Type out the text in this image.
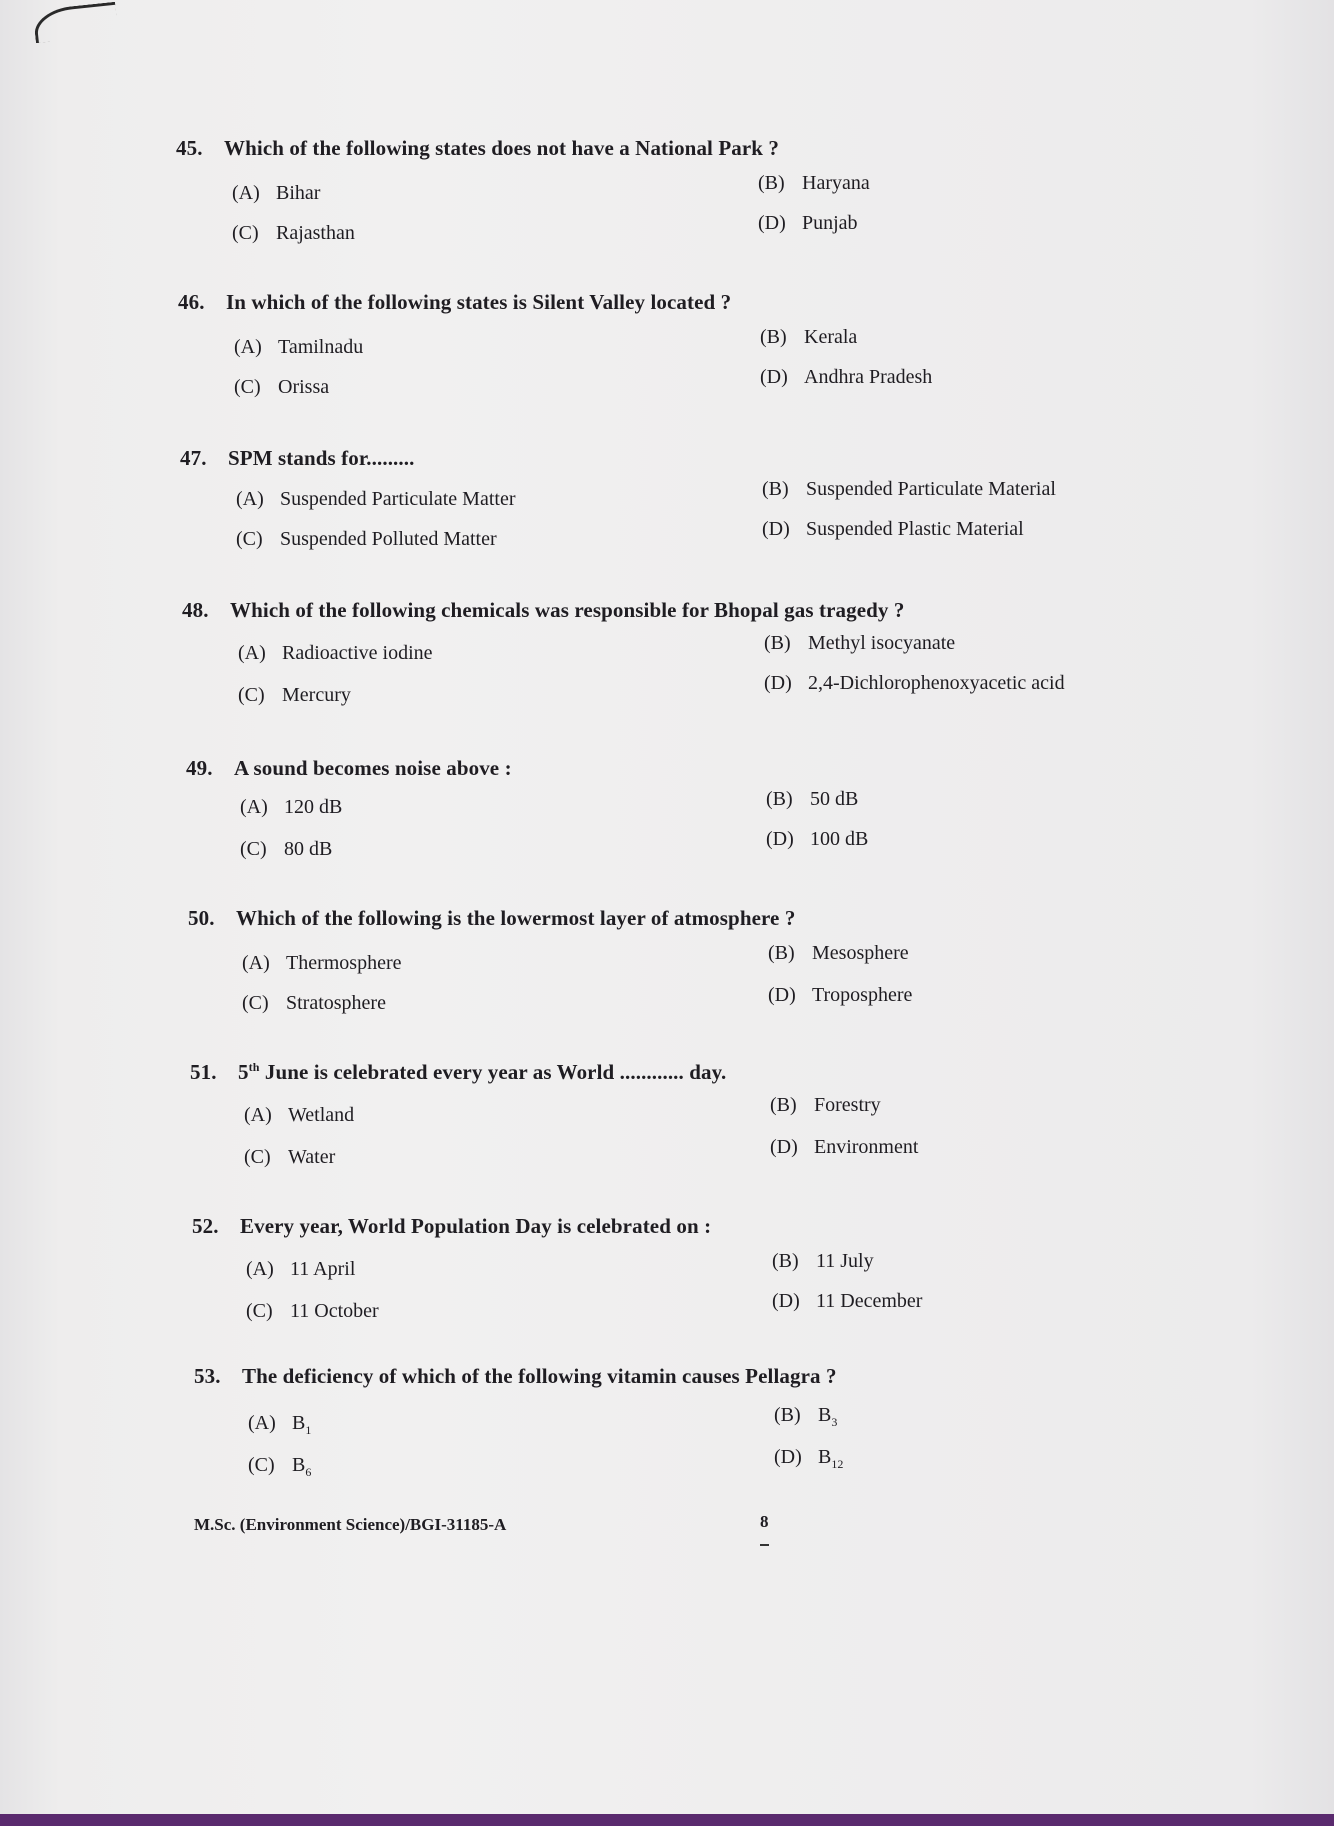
45. Which of the following states does not have a National Park ?
(A) Bihar	(B) Haryana
(C) Rajasthan	(D) Punjab
46. In which of the following states is Silent Valley located ?
(A) Tamilnadu	(B) Kerala
(C) Orissa	(D) Andhra Pradesh
47. SPM stands for.........
(A) Suspended Particulate Matter	(B) Suspended Particulate Material
(C) Suspended Polluted Matter	(D) Suspended Plastic Material
48. Which of the following chemicals was responsible for Bhopal gas tragedy ?
(A) Radioactive iodine	(B) Methyl isocyanate
(C) Mercury
(D) 2,4-Dichlorophenoxyacetic acid
49. A sound becomes noise above :
(A) 120 dB	(B) 50 dB
(C) 80 dB	(D) 100 dB
50. Which of the following is the lowermost layer of atmosphere ?
(A) Thermosphere	(B) Mesosphere
(C) Stratosphere	(D) Troposphere
51. 5th June is celebrated every year as World ............ day.
(A) Wetland	(B) Forestry
(C) Water	(D) Environment
52. Every year, World Population Day is celebrated on :
(A) 11 April	(B) 11 July
(C) 11 October	(D) 11 December
53. The deficiency of which of the following vitamin causes Pellagra ?
(A) $B_1$
(B) $B_3$
(C) $B_6$
(D) $B_{12}$
M.Sc. (Environment Science)/BGI-31185-A	8
